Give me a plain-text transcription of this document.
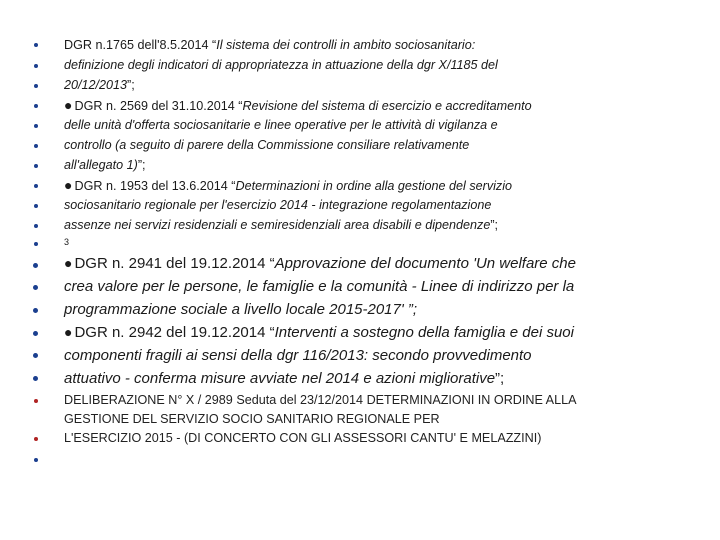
DGR n.1765 dell'8.5.2014 “Il sistema dei controlli in ambito sociosanitario:
definizione degli indicatori di appropriatezza in attuazione della dgr X/1185 del
20/12/2013”;
● DGR n. 2569 del 31.10.2014 “Revisione del sistema di esercizio e accreditamento
delle unità d'offerta sociosanitarie e linee operative per le attività di vigilanza e
controllo (a seguito di parere della Commissione consiliare relativamente
all'allegato 1)”;
● DGR n. 1953 del 13.6.2014 “Determinazioni in ordine alla gestione del servizio
sociosanitario regionale per l'esercizio 2014 - integrazione regolamentazione
assenze nei servizi residenziali e semiresidenziali area disabili e dipendenze”;
3
● DGR n. 2941 del 19.12.2014 “Approvazione del documento 'Un welfare che
crea valore per le persone, le famiglie e la comunità - Linee di indirizzo per la
programmazione sociale a livello locale 2015-2017' ”;
● DGR n. 2942 del 19.12.2014 “Interventi a sostegno della famiglia e dei suoi
componenti fragili ai sensi della dgr 116/2013: secondo provvedimento
attuativo - conferma misure avviate nel 2014 e azioni migliorative”;
DELIBERAZIONE N° X / 2989 Seduta del 23/12/2014 DETERMINAZIONI IN ORDINE ALLA
GESTIONE DEL SERVIZIO SOCIO SANITARIO REGIONALE PER
L'ESERCIZIO 2015 - (DI CONCERTO CON GLI ASSESSORI CANTU' E MELAZZINI)
